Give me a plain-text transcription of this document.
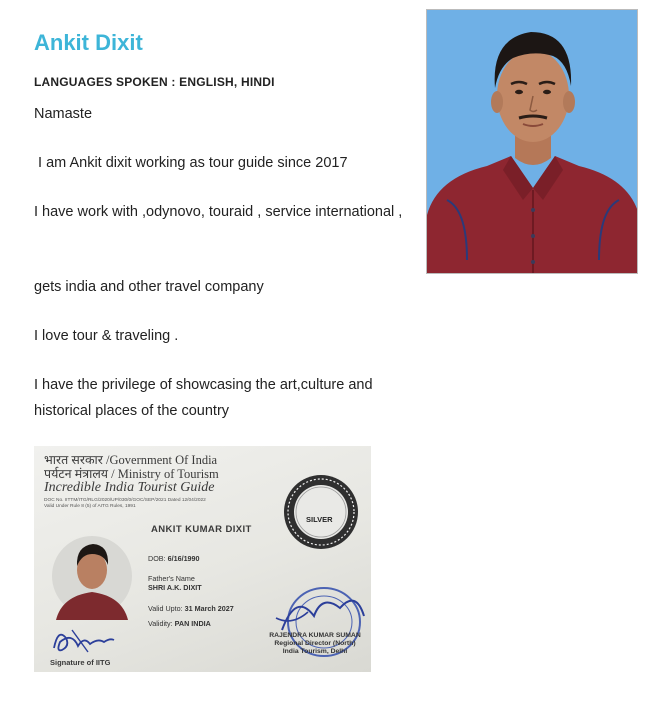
Ankit Dixit
LANGUAGES SPOKEN : ENGLISH, HINDI
Namaste
I am Ankit dixit working as tour guide since 2017
I have work with ,odynovo, touraid , service international ,
gets india and other travel company
I love tour & traveling .
I have the privilege of showcasing the art,culture and historical places of the country
भारत सरकार /Government Of India
पर्यटन मंत्रालय / Ministry of Tourism
Incredible India Tourist Guide
DOC No. IITTM/ITG/RLG/2020/UP/030/0/GOC/SEP/2021 Dated 12/04/2022
Valid Under Rule 8 (5) of AITG Rules, 1991
SILVER
ANKIT KUMAR DIXIT
DOB: 6/16/1990
Father's Name
SHRI A.K. DIXIT
Valid Upto: 31 March 2027
Validity: PAN INDIA
RAJENDRA KUMAR SUMAN
Regional Director (North)
India Tourism, Delhi
Signature of IITG
